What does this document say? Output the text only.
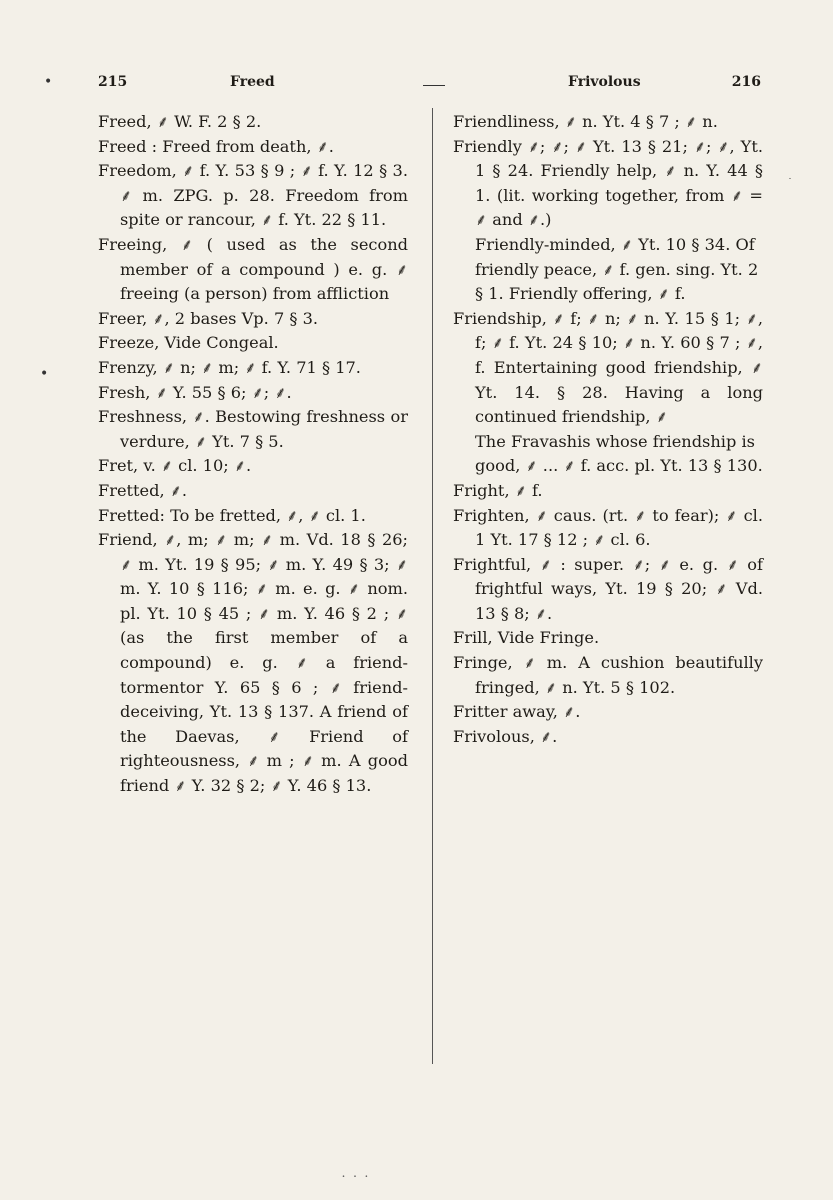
215	Freed	Frivolous	216

Freed, ⸙ W. F. 2 § 2.

Freed : Freed from death, ⸙.

Freedom, ⸙ f. Y. 53 § 9 ; ⸙ f. Y. 12 § 3. ⸙ m. ZPG. p. 28. Freedom from spite or rancour, ⸙ f. Yt. 22 § 11.

Freeing, ⸙ ( used as the second member of a compound ) e. g. ⸙ freeing (a person) from affliction

Freer, ⸙, 2 bases Vp. 7 § 3.

Freeze, Vide Congeal.

Frenzy, ⸙ n; ⸙ m; ⸙ f. Y. 71 § 17.

Fresh, ⸙ Y. 55 § 6; ⸙; ⸙.

Freshness, ⸙. Bestowing freshness or verdure, ⸙ Yt. 7 § 5.

Fret, v. ⸙ cl. 10; ⸙.

Fretted, ⸙.

Fretted: To be fretted, ⸙, ⸙ cl. 1.

Friend, ⸙, m; ⸙ m; ⸙ m. Vd. 18 § 26; ⸙ m. Yt. 19 § 95; ⸙ m. Y. 49 § 3; ⸙ m. Y. 10 § 116; ⸙ m. e. g. ⸙ nom. pl. Yt. 10 § 45 ; ⸙ m. Y. 46 § 2 ; ⸙ (as the first member of a compound) e. g. ⸙ a friend-tormentor Y. 65 § 6 ; ⸙ friend-deceiving, Yt. 13 § 137. A friend of the Daevas, ⸙ Friend of righteousness, ⸙ m ; ⸙ m. A good friend ⸙ Y. 32 § 2; ⸙ Y. 46 § 13.

Friendliness, ⸙ n. Yt. 4 § 7 ; ⸙ n.

Friendly ⸙; ⸙; ⸙ Yt. 13 § 21; ⸙; ⸙, Yt. 1 § 24. Friendly help, ⸙ n. Y. 44 § 1. (lit. working together, from ⸙ = ⸙ and ⸙.)

Friendly-minded, ⸙ Yt. 10 § 34. Of friendly peace, ⸙ f. gen. sing. Yt. 2 § 1. Friendly offering, ⸙ f.

Friendship, ⸙ f; ⸙ n; ⸙ n. Y. 15 § 1; ⸙, f; ⸙ f. Yt. 24 § 10; ⸙ n. Y. 60 § 7 ; ⸙, f. Entertaining good friendship, ⸙ Yt. 14. § 28. Having a long continued friendship, ⸙

The Fravashis whose friendship is good, ⸙ ... ⸙ f. acc. pl. Yt. 13 § 130.

Fright, ⸙ f.

Frighten, ⸙ caus. (rt. ⸙ to fear); ⸙ cl. 1 Yt. 17 § 12 ; ⸙ cl. 6.

Frightful, ⸙ : super. ⸙; ⸙ e. g. ⸙ of frightful ways, Yt. 19 § 20; ⸙ Vd. 13 § 8; ⸙.

Frill, Vide Fringe.

Fringe, ⸙ m. A cushion beautifully fringed, ⸙ n. Yt. 5 § 102.

Fritter away, ⸙.

Frivolous, ⸙.

•
•
˙ ˙ ˙
